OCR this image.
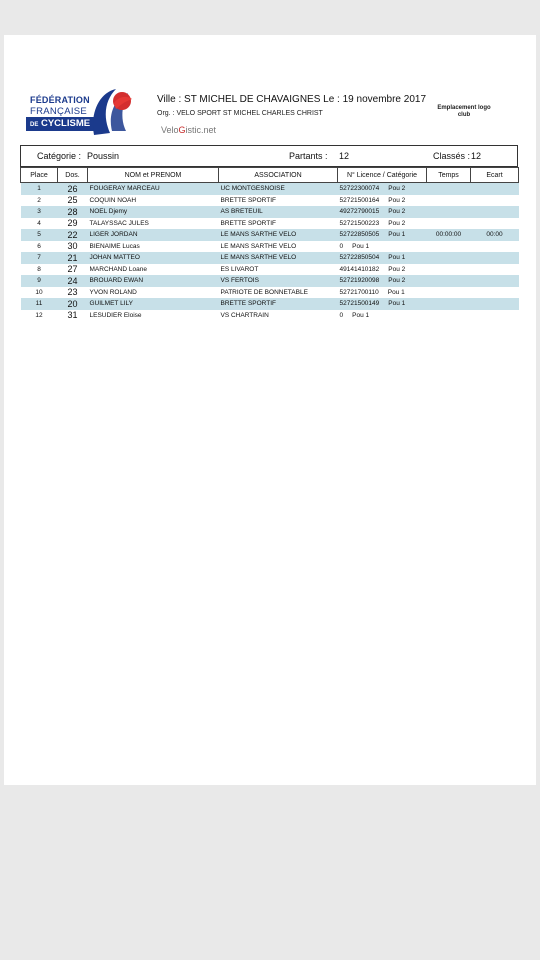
FÉDÉRATION
FRANÇAISE
DE CYCLISME
Ville : ST MICHEL DE CHAVAIGNES Le : 19 novembre 2017
Org. : VELO SPORT ST MICHEL CHARLES CHRIST
VeloGistic.net
Emplacement logo club
Catégorie : Poussin	Partants : 12	Classés : 12
Place	Dos.	NOM et PRENOM	ASSOCIATION	N° Licence / Catégorie	Temps	Ecart
1	26	FOUGERAY MARCEAU	UC MONTGESNOISE	52722300074 Pou 2		
2	25	COQUIN NOAH	BRETTE SPORTIF	52721500164 Pou 2		
3	28	NOEL Djemy	AS BRETEUIL	49272790015 Pou 2		
4	29	TALAYSSAC JULES	BRETTE SPORTIF	52721500223 Pou 2		
5	22	LIGER JORDAN	LE MANS SARTHE VELO	52722850505 Pou 1	00:00:00	00:00
6	30	BIENAIME Lucas	LE MANS SARTHE VELO	0 Pou 1		
7	21	JOHAN MATTEO	LE MANS SARTHE VELO	52722850504 Pou 1		
8	27	MARCHAND Loane	ES LIVAROT	49141410182 Pou 2		
9	24	BROUARD EWAN	VS FERTOIS	52721920098 Pou 2		
10	23	YVON ROLAND	PATRIOTE DE BONNETABLE	52721700110 Pou 1		
11	20	GUILMET LILY	BRETTE SPORTIF	52721500149 Pou 1		
12	31	LESUDIER Eloise	VS CHARTRAIN	0 Pou 1		
